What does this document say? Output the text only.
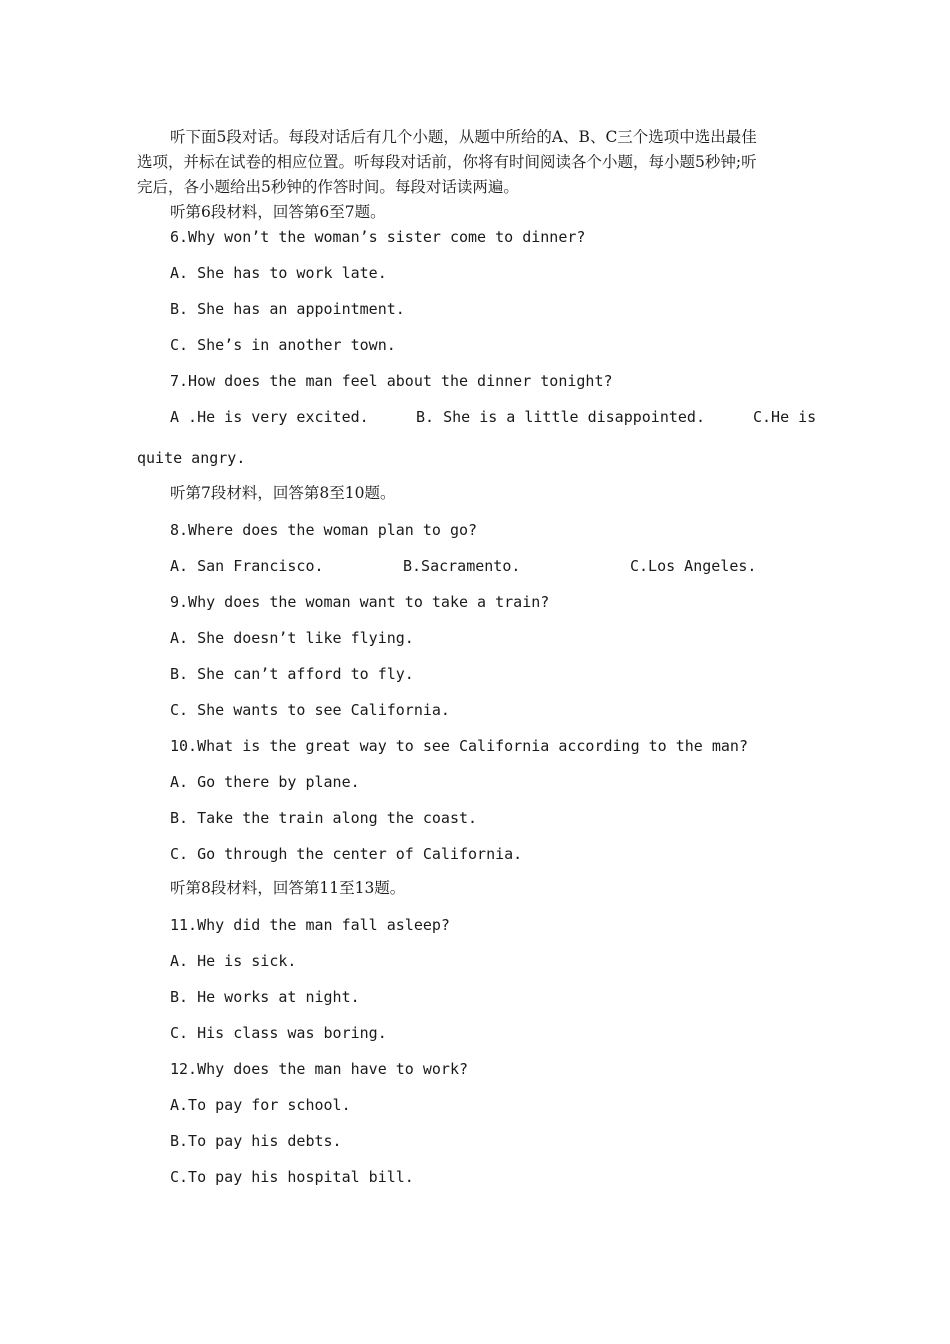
听下面5段对话。每段对话后有几个小题，从题中所给的A、B、C三个选项中选出最佳

选项，并标在试卷的相应位置。听每段对话前，你将有时间阅读各个小题，每小题5秒钟;听

完后，各小题给出5秒钟的作答时间。每段对话读两遍。

听第6段材料，回答第6至7题。

6.Why won’t the woman’s sister come to dinner?

A. She has to work late.

B. She has an appointment.

C. She’s in another town.

7.How does the man feel about the dinner tonight?

A .He is very excited.	B. She is a little disappointed.	C.He is

quite angry.

听第7段材料，回答第8至10题。

8.Where does the woman plan to go?

A. San Francisco.	B.Sacramento.	C.Los Angeles.

9.Why does the woman want to take a train?

A. She doesn’t like flying.

B. She can’t afford to fly.

C. She wants to see California.

10.What is the great way to see California according to the man?

A. Go there by plane.

B. Take the train along the coast.

C. Go through the center of California.

听第8段材料，回答第11至13题。

11.Why did the man fall asleep?

A. He is sick.

B. He works at night.

C. His class was boring.

12.Why does the man have to work?

A.To pay for school.

B.To pay his debts.

C.To pay his hospital bill.
